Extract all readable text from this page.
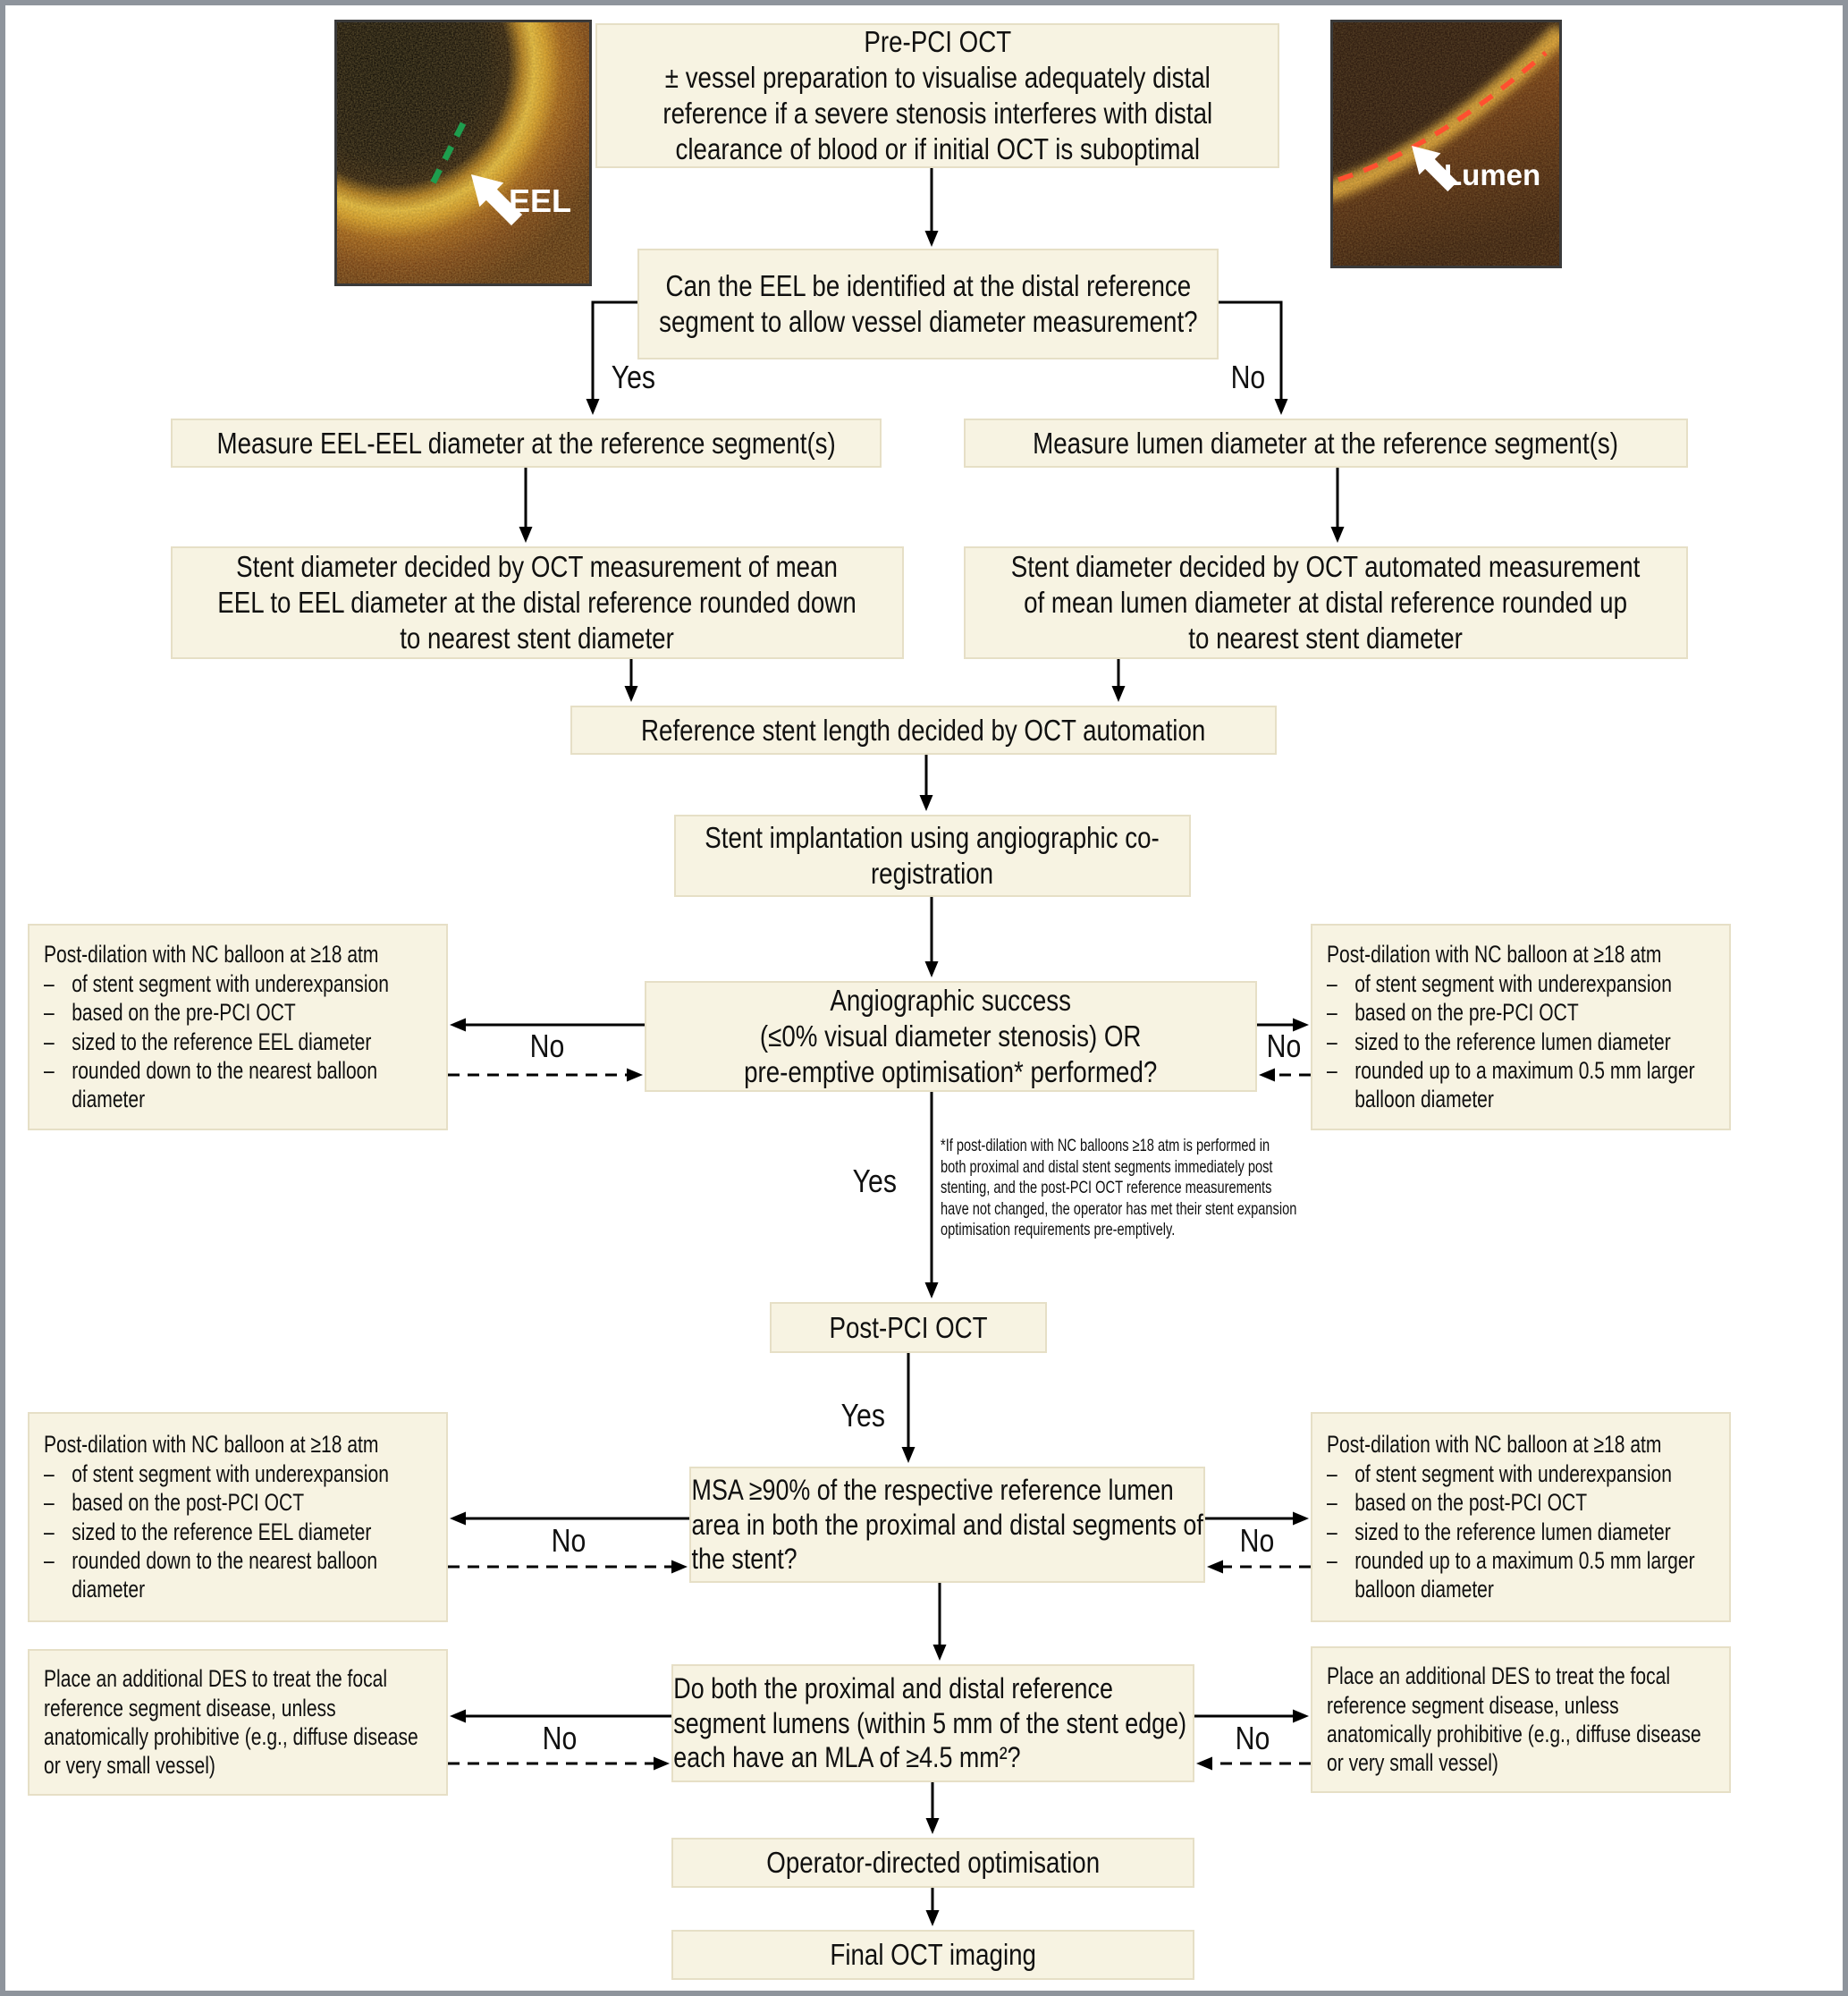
EEL
Lumen
Pre-PCI OCT
± vessel preparation to visualise adequately distal
reference if a severe stenosis interferes with distal
clearance of blood or if initial OCT is suboptimal
Can the EEL be identified at the distal reference segment to allow vessel diameter measurement?
Measure EEL-EEL diameter at the reference segment(s)	Measure lumen diameter at the reference segment(s)
Stent diameter decided by OCT measurement of mean
EEL to EEL diameter at the distal reference rounded down
to nearest stent diameter
Stent diameter decided by OCT automated measurement
of mean lumen diameter at distal reference rounded up
to nearest stent diameter
Reference stent length decided by OCT automation
Stent implantation using angiographic co-registration
Angiographic success
(≤0% visual diameter stenosis) OR
pre-emptive optimisation* performed?
Post-dilation with NC balloon at ≥18 atm
– of stent segment with underexpansion
– based on the pre-PCI OCT
– sized to the reference EEL diameter
– rounded down to the nearest balloon diameter
Post-dilation with NC balloon at ≥18 atm
– of stent segment with underexpansion
– based on the pre-PCI OCT
– sized to the reference lumen diameter
– rounded up to a maximum 0.5 mm larger balloon diameter
*If post-dilation with NC balloons ≥18 atm is performed in both proximal and distal stent segments immediately post stenting, and the post-PCI OCT reference measurements have not changed, the operator has met their stent expansion optimisation requirements pre-emptively.
Post-PCI OCT
MSA ≥90% of the respective reference lumen area in both the proximal and distal segments of the stent?
Post-dilation with NC balloon at ≥18 atm
– of stent segment with underexpansion
– based on the post-PCI OCT
– sized to the reference EEL diameter
– rounded down to the nearest balloon diameter
Post-dilation with NC balloon at ≥18 atm
– of stent segment with underexpansion
– based on the post-PCI OCT
– sized to the reference lumen diameter
– rounded up to a maximum 0.5 mm larger balloon diameter
Do both the proximal and distal reference segment lumens (within 5 mm of the stent edge) each have an MLA of ≥4.5 mm²?
Place an additional DES to treat the focal reference segment disease, unless anatomically prohibitive (e.g., diffuse disease or very small vessel)
Place an additional DES to treat the focal reference segment disease, unless anatomically prohibitive (e.g., diffuse disease or very small vessel)
Operator-directed optimisation
Final OCT imaging
Yes	No
No	No
Yes
Yes
No	No
No	No
